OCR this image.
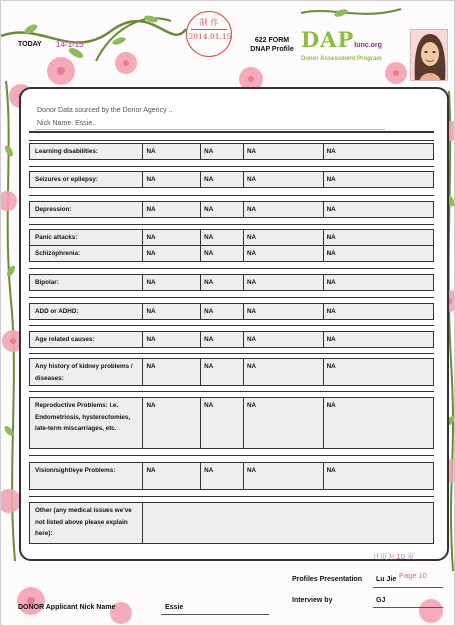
TODAY 14-1-15
制 作
2014.01.15	622 FORM
DNAP Profile DAPlunc.org
Donor Assessment Program
Donor Data sourced by the Donor Agency ..
Nick Name: Essie..
Learning disabilities:	NA	NA	NA	NA
Seizures or epilepsy:	NA	NA	NA	NA
Depression:	NA	NA	NA	NA
Panic attacks:	NA	NA	NA	NA
Schizophrenia:	NA	NA	NA	NA
Bipolar:	NA	NA	NA	NA
ADD or ADHD:	NA	NA	NA	NA
Age related causes:	NA	NA	NA	NA
Any history of kidney problems / diseases:
NA	NA	NA	NA
Reproductive Problems: i.e. Endometriosis, hysterectomies, late-term miscarriages, etc.
NA	NA	NA	NA
Vision/sight/eye Problems:	NA	NA	NA	NA
Other (any medical issues we've not listed above please explain here):
计页为 10 页
Page 10
Profiles Presentation Lu Jie
Interview by	GJ
DONOR Applicant Nick Name	Essie
